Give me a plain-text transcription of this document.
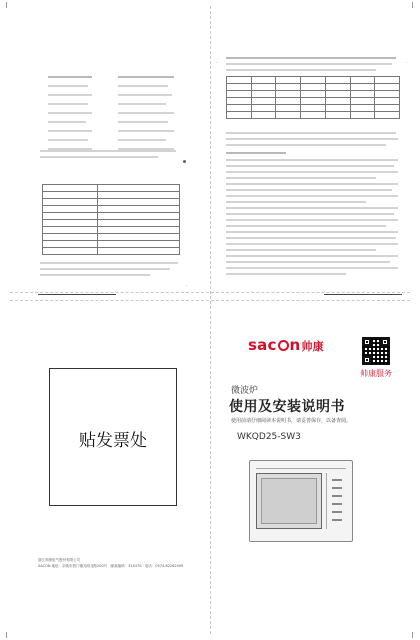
·

·
·
贴发票处
浙江帅康电气股份有限公司
SACON 地址：余姚市泗门镇光明北路200号 邮政编码：315470 电话：0574-62262009
sac n帅康
帅康服务
微波炉
使用及安装说明书
使用前请仔细阅读本说明书，请妥善保存，以备查阅。
WKQD25-SW3
